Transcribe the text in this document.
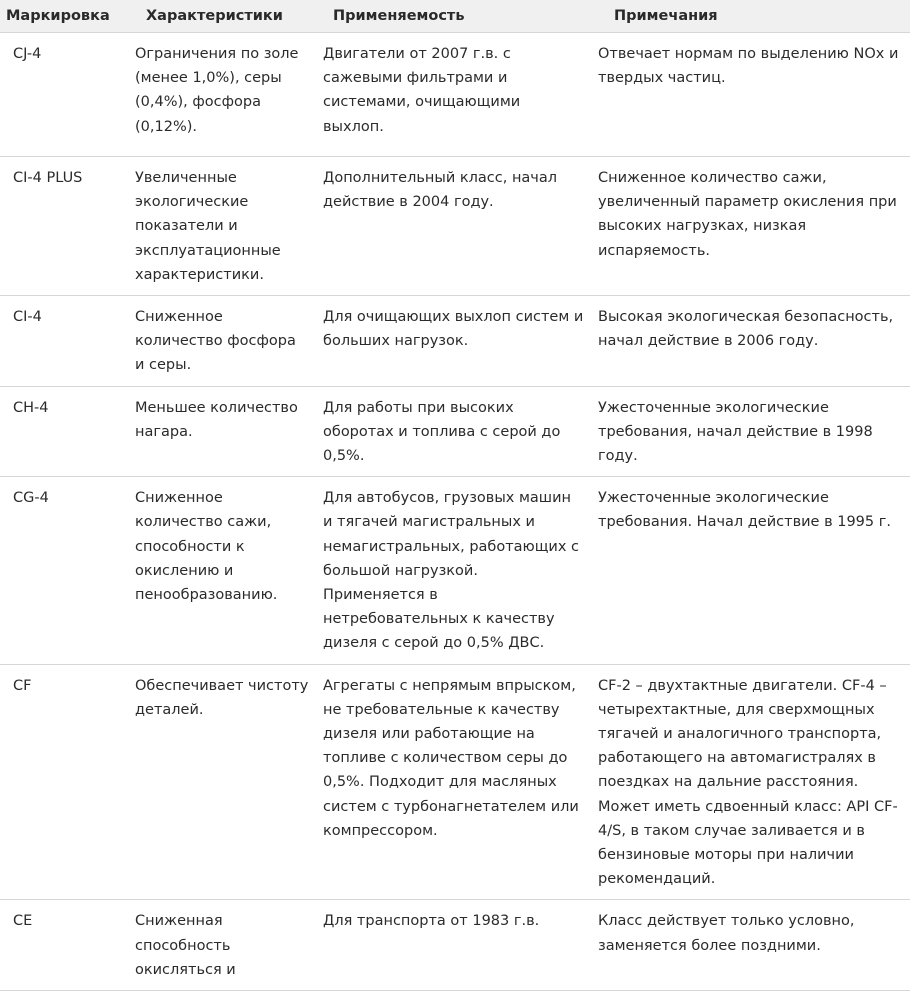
Маркировка	Характеристики	Применяемость	Примечания
CJ-4	Ограничения по золе (менее 1,0%), серы (0,4%), фосфора (0,12%).	Двигатели от 2007 г.в. с сажевыми фильтрами и системами, очищающими выхлоп.	Отвечает нормам по выделению NOx и твердых частиц.
CI-4 PLUS	Увеличенные экологические показатели и эксплуатационные характеристики.	Дополнительный класс, начал действие в 2004 году.	Сниженное количество сажи, увеличенный параметр окисления при высоких нагрузках, низкая испаряемость.
CI-4	Сниженное количество фосфора и серы.	Для очищающих выхлоп систем и больших нагрузок.	Высокая экологическая безопасность, начал действие в 2006 году.
CH-4	Меньшее количество нагара.	Для работы при высоких оборотах и топлива с серой до 0,5%.	Ужесточенные экологические требования, начал действие в 1998 году.
CG-4	Сниженное количество сажи, способности к окислению и пенообразованию.	Для автобусов, грузовых машин и тягачей магистральных и немагистральных, работающих с большой нагрузкой. Применяется в нетребовательных к качеству дизеля с серой до 0,5% ДВС.	Ужесточенные экологические требования. Начал действие в 1995 г.
CF	Обеспечивает чистоту деталей.	Агрегаты с непрямым впрыском, не требовательные к качеству дизеля или работающие на топливе с количеством серы до 0,5%. Подходит для масляных систем с турбонагнетателем или компрессором.	CF-2 – двухтактные двигатели. CF-4 – четырехтактные, для сверхмощных тягачей и аналогичного транспорта, работающего на автомагистралях в поездках на дальние расстояния. Может иметь сдвоенный класс: API CF-4/S, в таком случае заливается и в бензиновые моторы при наличии рекомендаций.
CE	Сниженная способность окисляться и	Для транспорта от 1983 г.в.	Класс действует только условно, заменяется более поздними.
